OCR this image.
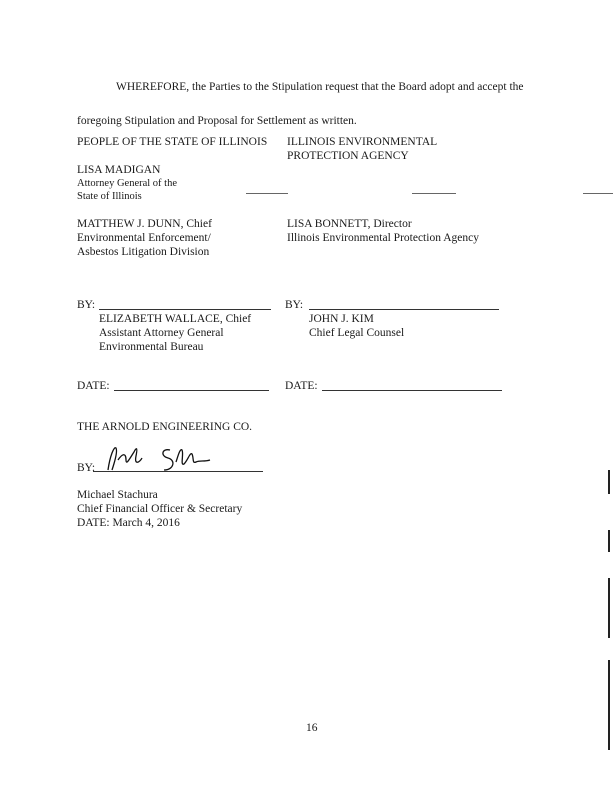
WHEREFORE, the Parties to the Stipulation request that the Board adopt and accept the
foregoing Stipulation and Proposal for Settlement as written.
PEOPLE OF THE STATE OF ILLINOIS
LISA MADIGAN
Attorney General of the
State of Illinois
MATTHEW J. DUNN, Chief
Environmental Enforcement/
Asbestos Litigation Division
ILLINOIS ENVIRONMENTAL
PROTECTION AGENCY
LISA BONNETT, Director
Illinois Environmental Protection Agency
BY:
ELIZABETH WALLACE, Chief
Assistant Attorney General
Environmental Bureau
BY:
JOHN J. KIM
Chief Legal Counsel
DATE:	DATE:
THE ARNOLD ENGINEERING CO.
BY:
Michael Stachura
Chief Financial Officer & Secretary
DATE: March 4, 2016
16
